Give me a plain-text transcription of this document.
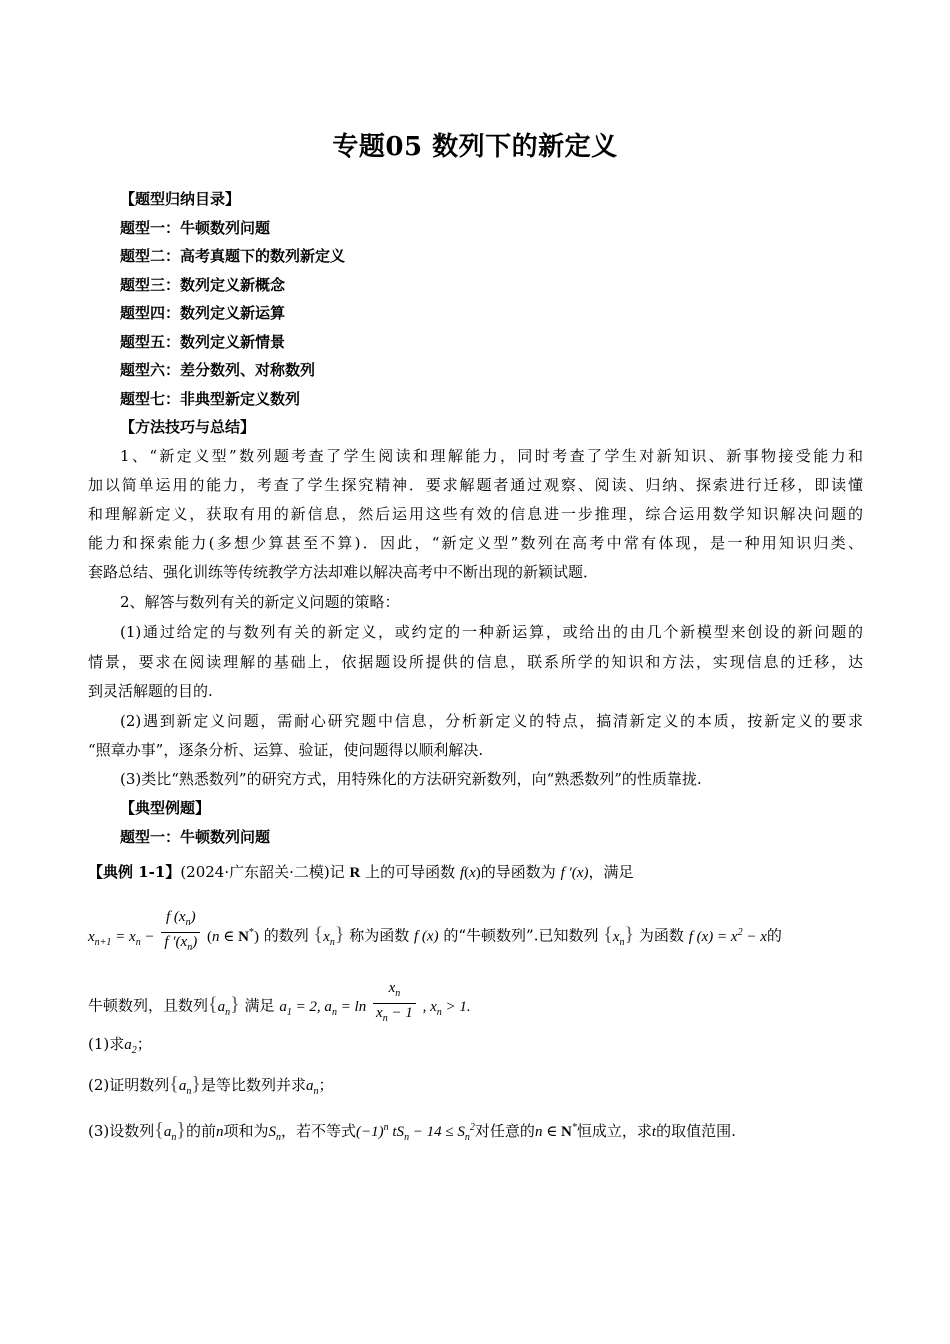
专题05 数列下的新定义
【题型归纳目录】
题型一：牛顿数列问题
题型二：高考真题下的数列新定义
题型三：数列定义新概念
题型四：数列定义新运算
题型五：数列定义新情景
题型六：差分数列、对称数列
题型七：非典型新定义数列
【方法技巧与总结】
1、“新定义型”数列题考查了学生阅读和理解能力，同时考查了学生对新知识、新事物接受能力和
加以简单运用的能力，考查了学生探究精神．要求解题者通过观察、阅读、归纳、探索进行迁移，即读懂
和理解新定义，获取有用的新信息，然后运用这些有效的信息进一步推理，综合运用数学知识解决问题的
能力和探索能力(多想少算甚至不算)．因此，“新定义型”数列在高考中常有体现，是一种用知识归类、
套路总结、强化训练等传统教学方法却难以解决高考中不断出现的新颖试题．
2、解答与数列有关的新定义问题的策略：
(1)通过给定的与数列有关的新定义，或约定的一种新运算，或给出的由几个新模型来创设的新问题的
情景，要求在阅读理解的基础上，依据题设所提供的信息，联系所学的知识和方法，实现信息的迁移，达
到灵活解题的目的.
(2)遇到新定义问题，需耐心研究题中信息，分析新定义的特点，搞清新定义的本质，按新定义的要求
“照章办事”，逐条分析、运算、验证，使问题得以顺利解决.
(3)类比“熟悉数列”的研究方式，用特殊化的方法研究新数列，向“熟悉数列”的性质靠拢.
【典型例题】
题型一：牛顿数列问题
【典例 1-1】(2024·广东韶关·二模)记 R 上的可导函数 f(x)的导函数为 f ′(x)，满足
$x_{n+1} = x_n - \frac{f (x_n)}{f '(x_n)} (n$ ∈ N*) 的数列 $\{x_n\}$ 称为函数 f (x) 的“牛顿数列”.已知数列 $\{x_n\}$ 为函数 f $(x) = x^2 - x$的
牛顿数列，且数列$\{a_n\}$ 满足 $a_1 = 2$, $a_n = \ln \frac{x_n}{x_n - 1}$ , $x_n > 1$.
(1)求$a_2$；
(2)证明数列$\{a_n\}$是等比数列并求$a_n$；
(3)设数列$\{a_n\}$的前n项和为$S_n$，若不等式$(-1)^n$ $tS_n - 14 \le S_n^2$对任意的n ∈ N*恒成立，求t的取值范围.
